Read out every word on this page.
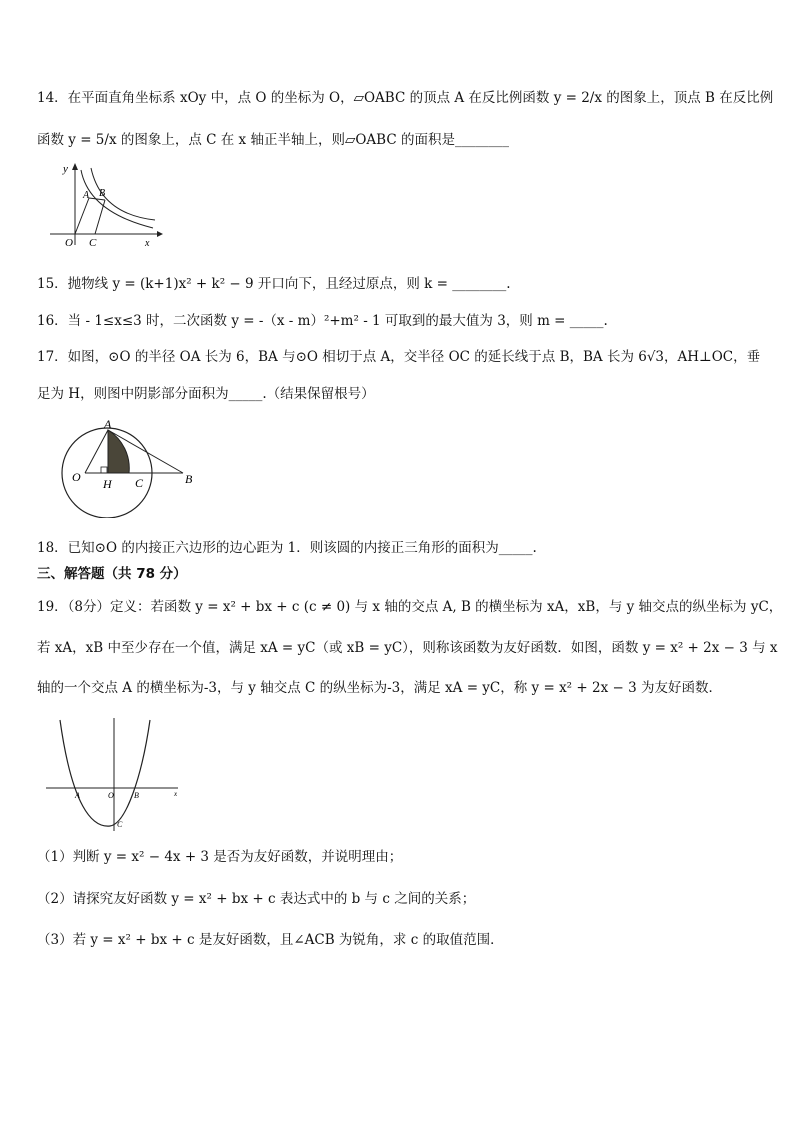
14．在平面直角坐标系 xOy 中，点 O 的坐标为 O，▱OABC 的顶点 A 在反比例函数 y = 2/x 的图象上，顶点 B 在反比例
函数 y = 5/x 的图象上，点 C 在 x 轴正半轴上，则▱OABC 的面积是________
y
A B
O C	x
15．抛物线 y = (k+1)x² + k² − 9 开口向下，且经过原点，则 k = ________.
16．当 - 1≤x≤3 时，二次函数 y = -（x - m）²+m² - 1 可取到的最大值为 3，则 m = _____.
17．如图，⊙O 的半径 OA 长为 6，BA 与⊙O 相切于点 A，交半径 OC 的延长线于点 B，BA 长为 6√3，AH⊥OC，垂
足为 H，则图中阴影部分面积为_____.（结果保留根号）
A
O H C	B
18．已知⊙O 的内接正六边形的边心距为 1．则该圆的内接正三角形的面积为_____.
三、解答题（共 78 分）
19．（8分）定义：若函数 y = x² + bx + c (c ≠ 0) 与 x 轴的交点 A, B 的横坐标为 xA，xB，与 y 轴交点的纵坐标为 yC，
若 xA，xB 中至少存在一个值，满足 xA = yC（或 xB = yC），则称该函数为友好函数．如图，函数 y = x² + 2x − 3 与 x
轴的一个交点 A 的横坐标为-3，与 y 轴交点 C 的纵坐标为-3，满足 xA = yC，称 y = x² + 2x − 3 为友好函数．
A	O	B
C
x
（1）判断 y = x² − 4x + 3 是否为友好函数，并说明理由；
（2）请探究友好函数 y = x² + bx + c 表达式中的 b 与 c 之间的关系；
（3）若 y = x² + bx + c 是友好函数，且∠ACB 为锐角，求 c 的取值范围．
